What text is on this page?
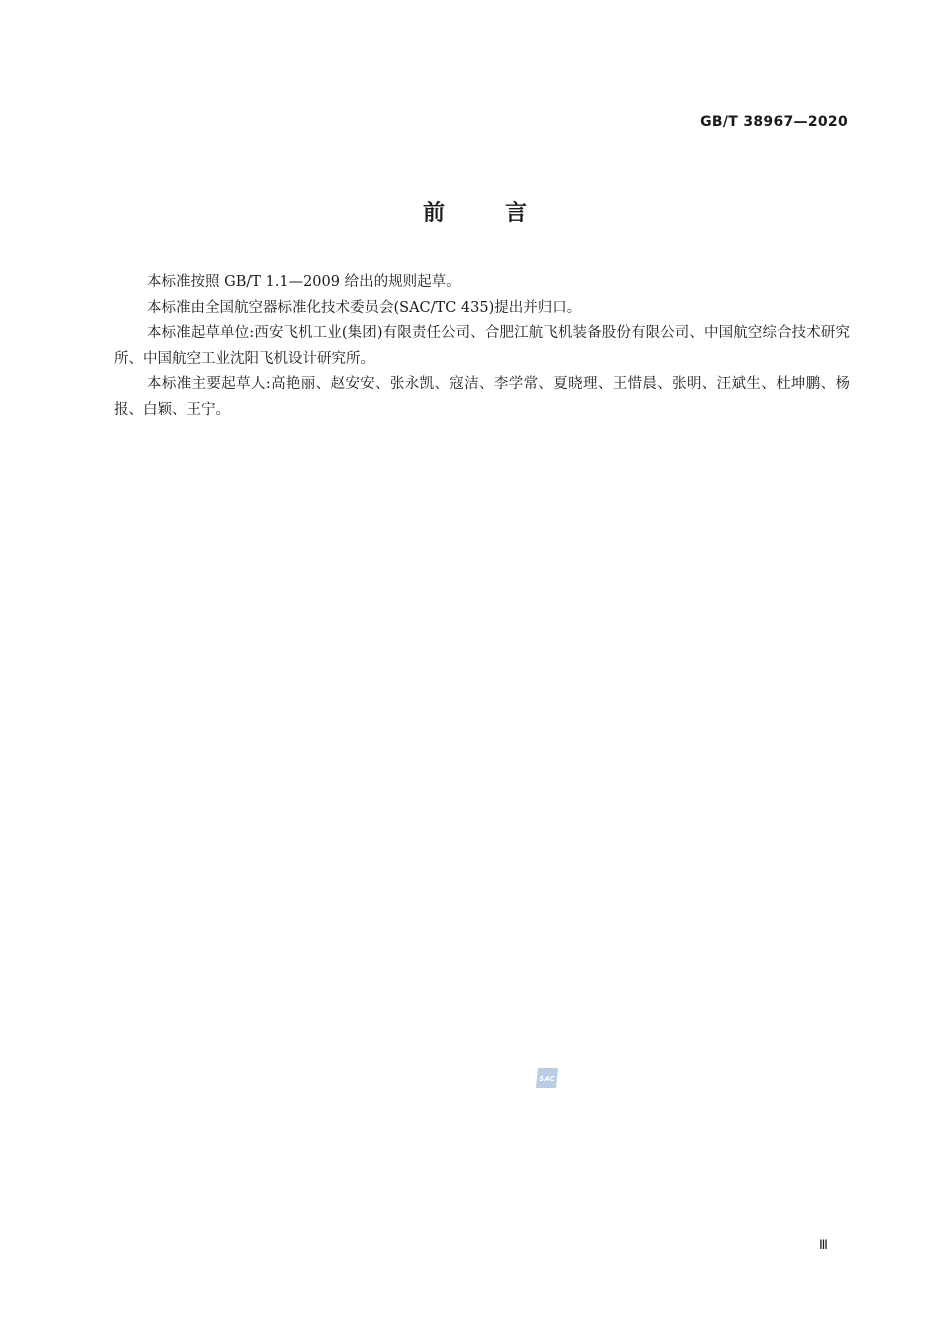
GB/T 38967—2020
前	言

本标准按照 GB/T 1.1—2009 给出的规则起草。

本标准由全国航空器标准化技术委员会(SAC/TC 435)提出并归口。

本标准起草单位:西安飞机工业(集团)有限责任公司、合肥江航飞机装备股份有限公司、中国航空综合技术研究所、中国航空工业沈阳飞机设计研究所。

本标准主要起草人:高艳丽、赵安安、张永凯、寇洁、李学常、夏晓理、王惜晨、张明、汪斌生、杜坤鹏、杨报、白颖、王宁。

SAC
Ⅲ
